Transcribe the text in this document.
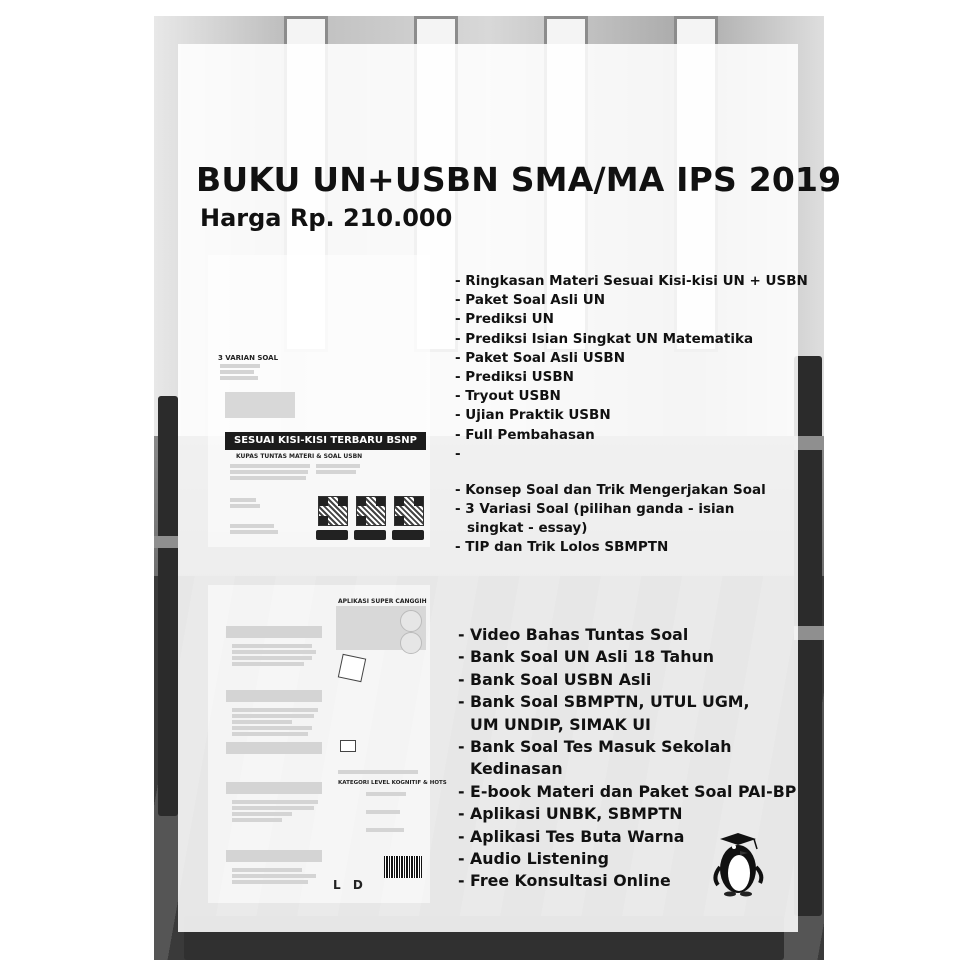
BUKU UN+USBN SMA/MA IPS 2019
Harga Rp. 210.000
3 VARIAN SOAL
SESUAI KISI-KISI TERBARU BSNP
KUPAS TUNTAS MATERI & SOAL USBN
APLIKASI SUPER CANGGIH
KATEGORI LEVEL KOGNITIF & HOTS
L D
- Ringkasan Materi Sesuai Kisi-kisi UN + USBN
- Paket Soal Asli UN
- Prediksi UN
- Prediksi Isian Singkat UN Matematika
- Paket Soal Asli USBN
- Prediksi USBN
- Tryout USBN
- Ujian Praktik USBN
- Full Pembahasan
-
- Konsep Soal dan Trik Mengerjakan Soal
- 3 Variasi Soal (pilihan ganda - isian
singkat - essay)
- TIP dan Trik Lolos SBMPTN
- Video Bahas Tuntas Soal
- Bank Soal UN Asli 18 Tahun
- Bank Soal USBN Asli
- Bank Soal SBMPTN, UTUL UGM,
UM UNDIP, SIMAK UI
- Bank Soal Tes Masuk Sekolah
Kedinasan
- E-book Materi dan Paket Soal PAI-BP
- Aplikasi UNBK, SBMPTN
- Aplikasi Tes Buta Warna
- Audio Listening
- Free Konsultasi Online
